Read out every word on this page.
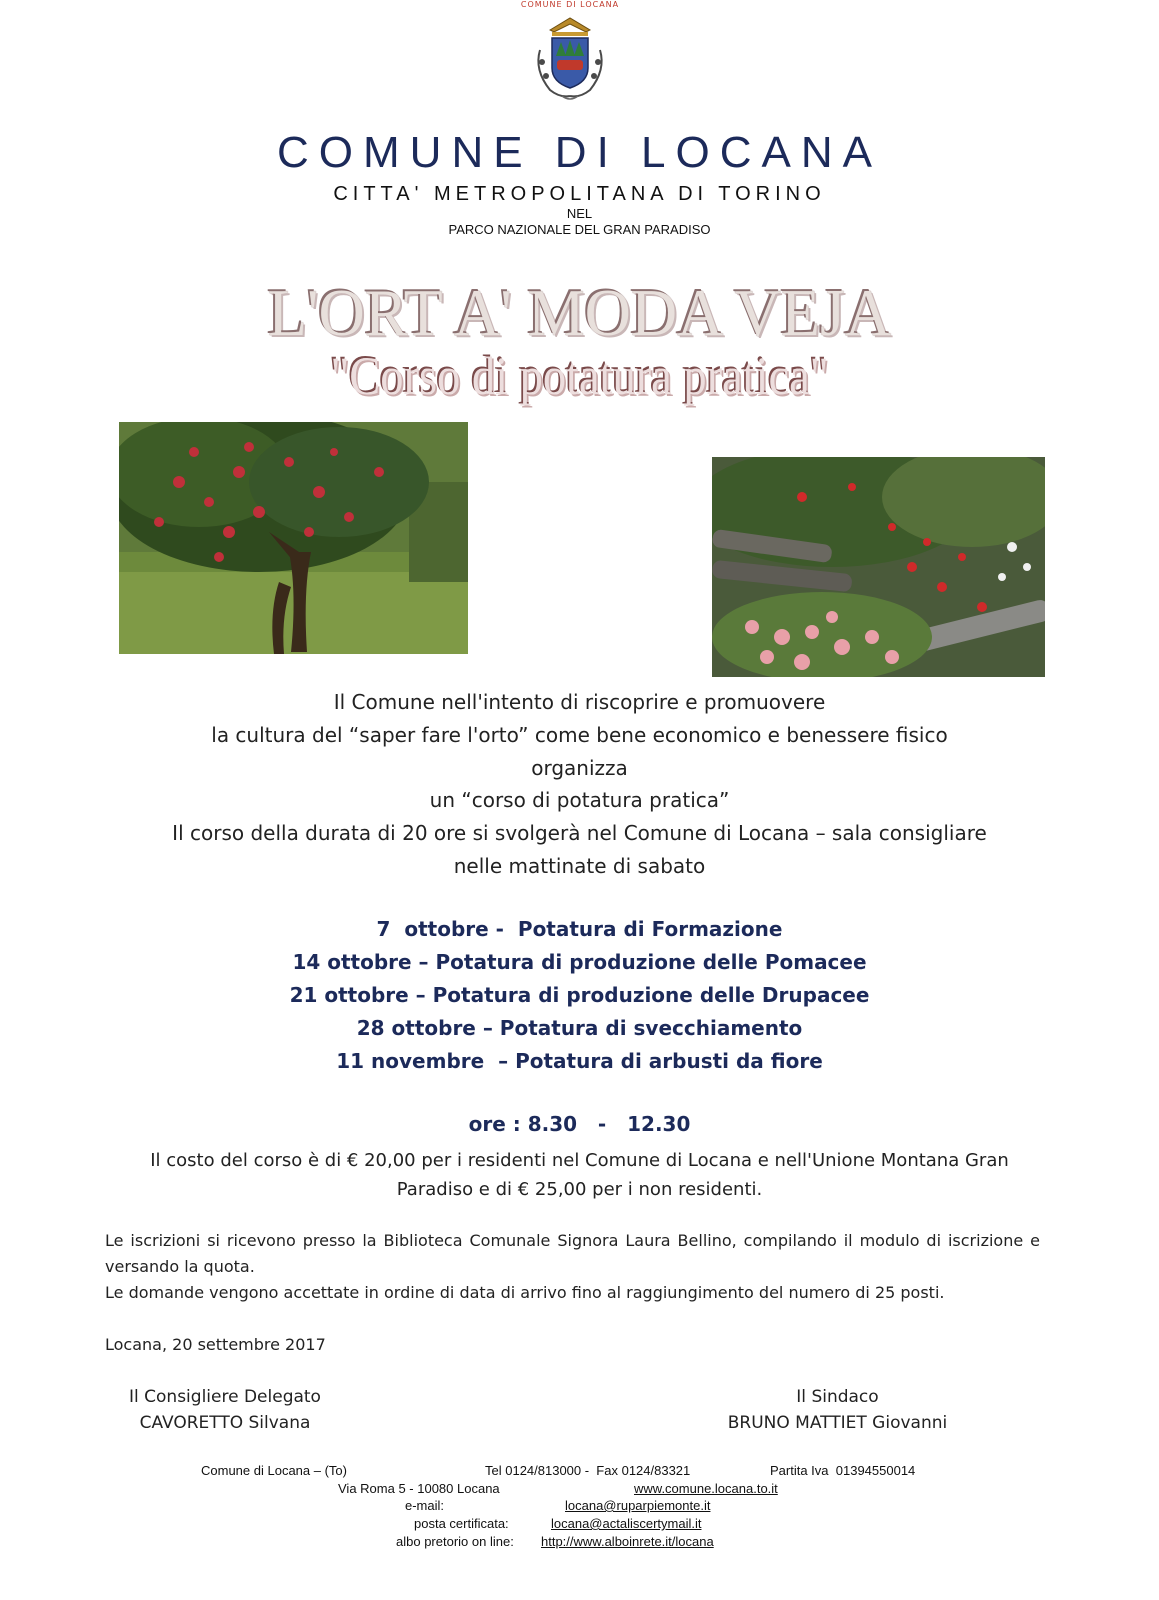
COMUNE DI LOCANA
COMUNE DI LOCANA
CITTA' METROPOLITANA DI TORINO
NEL
PARCO NAZIONALE DEL GRAN PARADISO
L'ORT A' MODA VEJA
"Corso di potatura pratica"
Il Comune nell'intento di riscoprire e promuovere
la cultura del “saper fare l'orto” come bene economico e benessere fisico
organizza
un “corso di potatura pratica”
Il corso della durata di 20 ore si svolgerà nel Comune di Locana – sala consigliare
nelle mattinate di sabato
7  ottobre -  Potatura di Formazione
14 ottobre – Potatura di produzione delle Pomacee
21 ottobre – Potatura di produzione delle Drupacee
28 ottobre – Potatura di svecchiamento
11 novembre  – Potatura di arbusti da fiore
ore : 8.30   -   12.30
Il costo del corso è di € 20,00 per i residenti nel Comune di Locana e nell'Unione Montana Gran
Paradiso e di € 25,00 per i non residenti.
Le iscrizioni si ricevono presso la Biblioteca Comunale Signora Laura Bellino, compilando il modulo di iscrizione e versando la quota.
Le domande vengono accettate in ordine di data di arrivo fino al raggiungimento del numero di 25 posti.
Locana, 20 settembre 2017
Il Consigliere Delegato
CAVORETTO Silvana
Il Sindaco
BRUNO MATTIET Giovanni
Comune di Locana – (To)	Tel 0124/813000 -  Fax 0124/83321	Partita Iva  01394550014
Via Roma 5 - 10080 Locana	www.comune.locana.to.it
e-mail:	locana@ruparpiemonte.it
posta certificata:	locana@actaliscertymail.it
albo pretorio on line: http://www.alboinrete.it/locana
